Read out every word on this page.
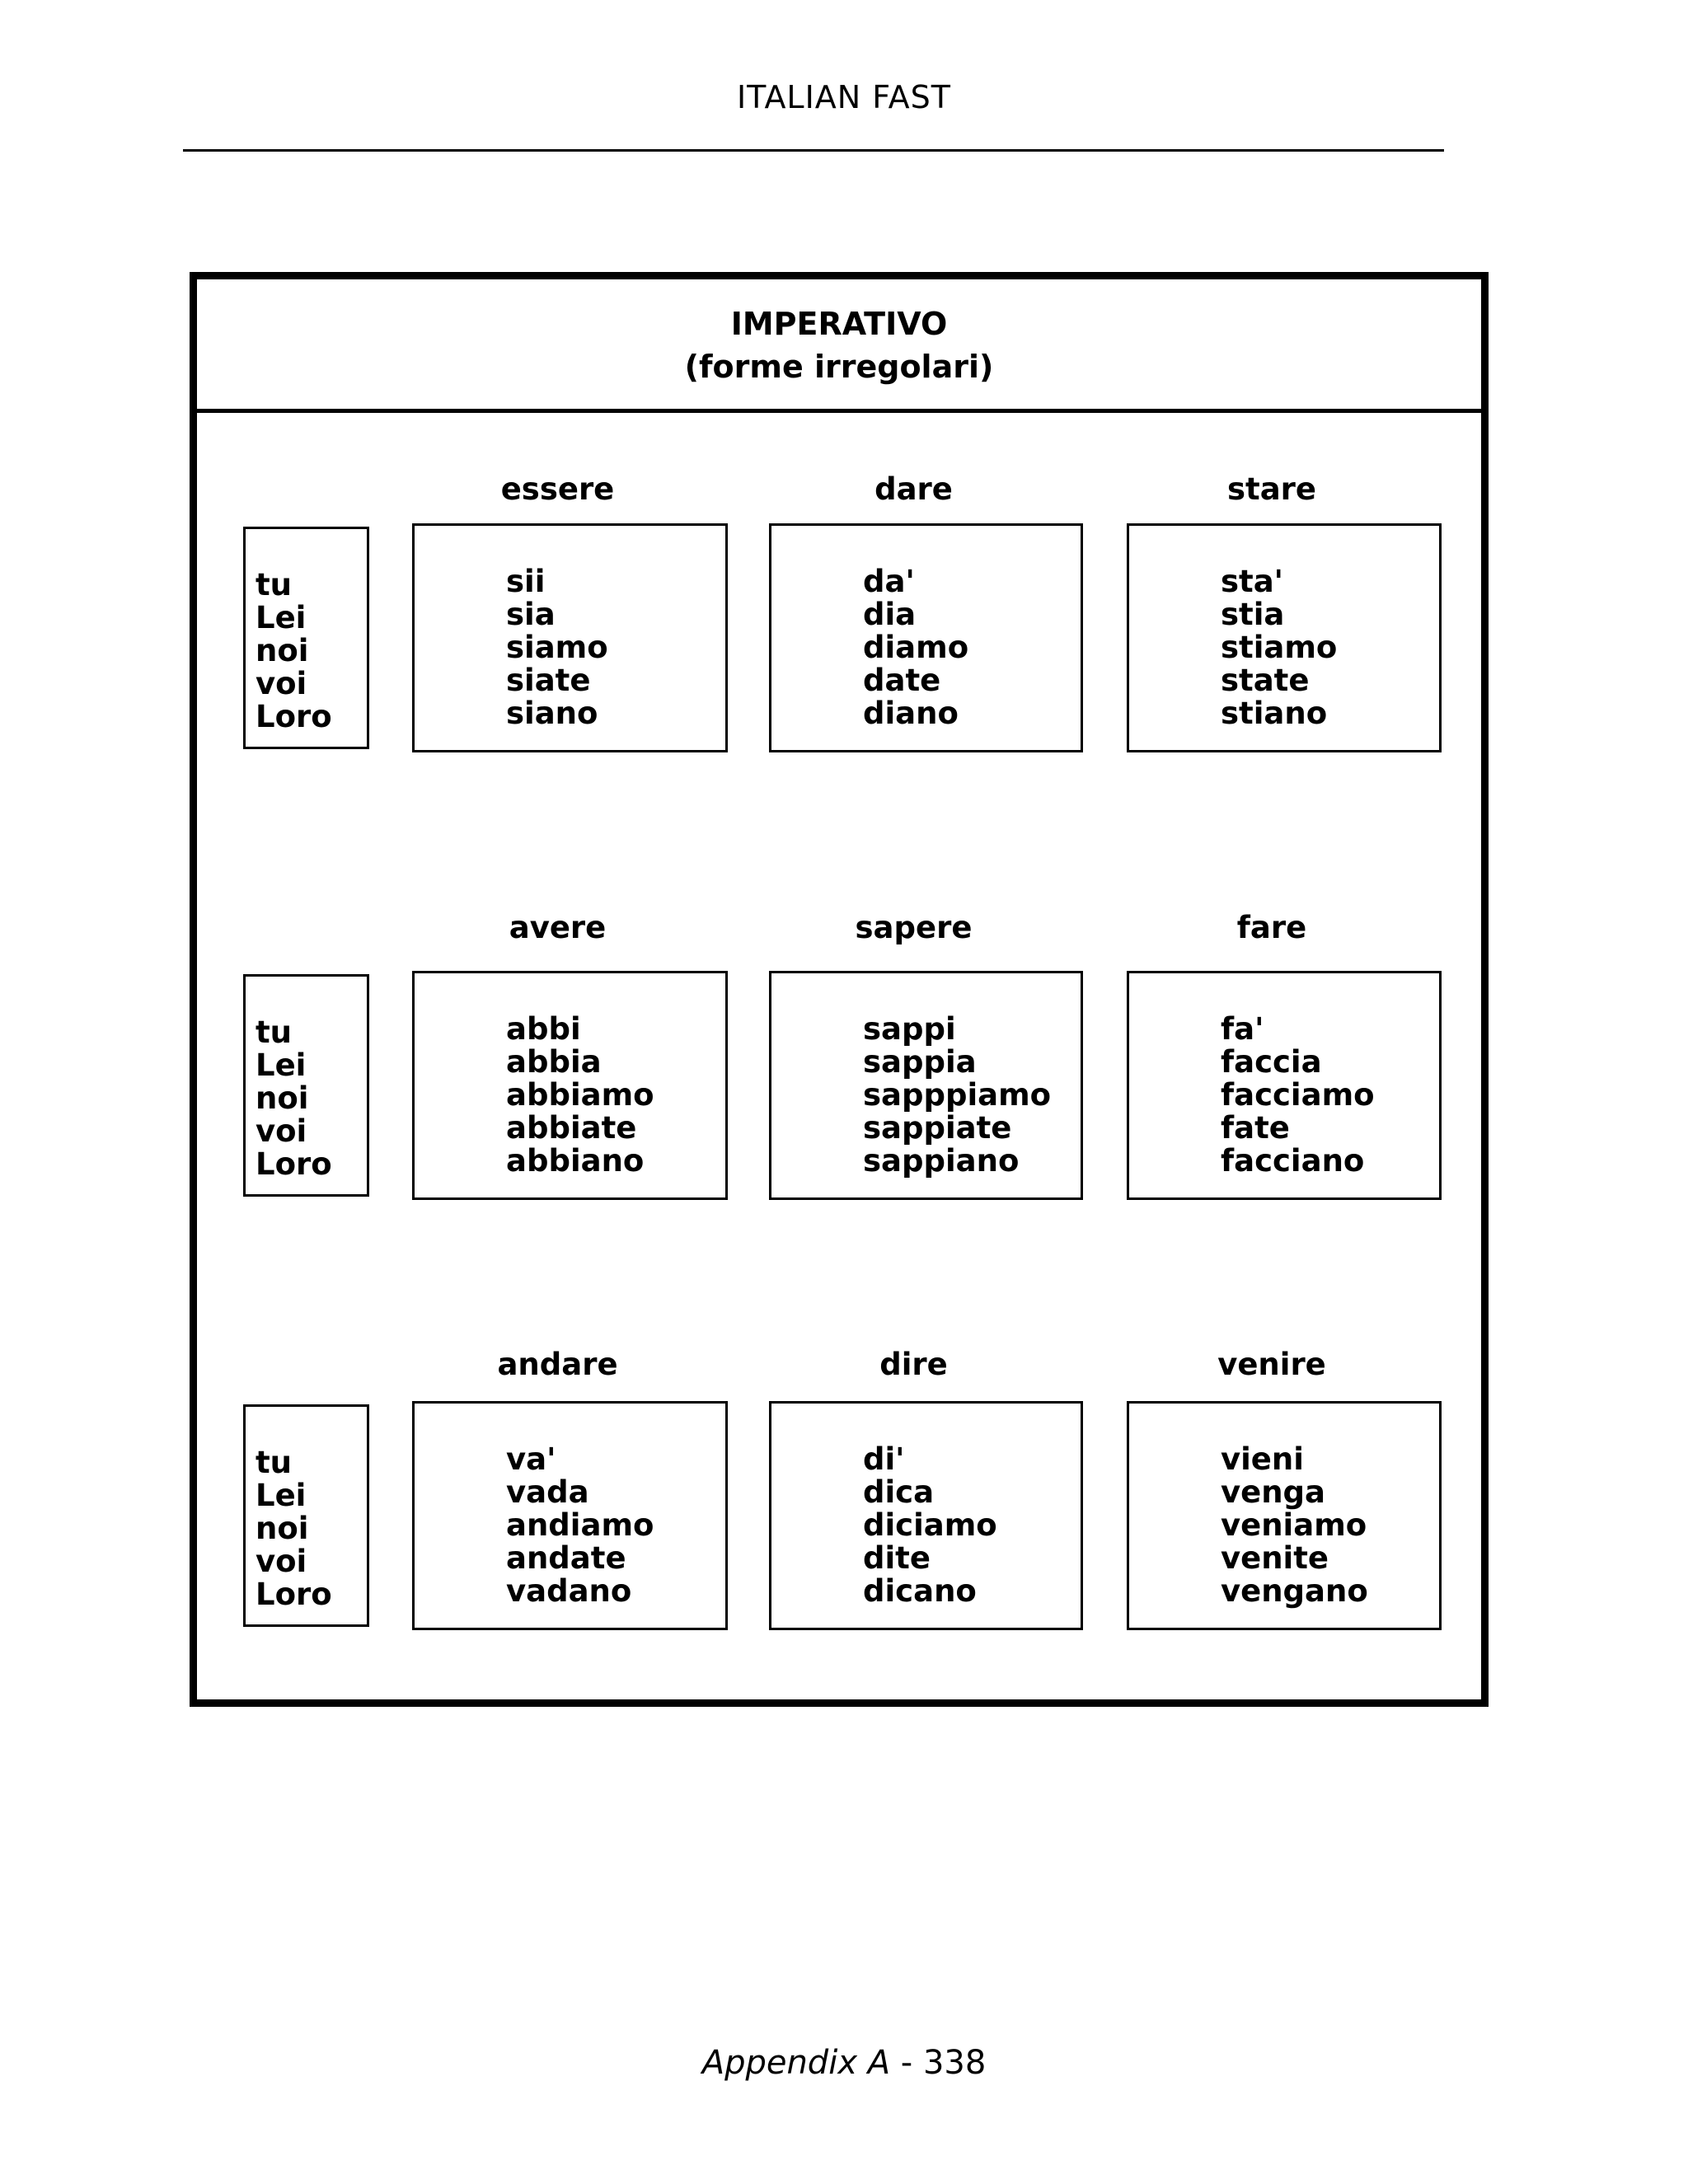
ITALIAN FAST
IMPERATIVO
(forme irregolari)
tu
Lei
noi
voi
Loro
essere
sii
sia
siamo
siate
siano
dare
da'
dia
diamo
date
diano
stare
sta'
stia
stiamo
state
stiano
tu
Lei
noi
voi
Loro
avere
abbi
abbia
abbiamo
abbiate
abbiano
sapere
sappi
sappia
sapppiamo
sappiate
sappiano
fare
fa'
faccia
facciamo
fate
facciano
tu
Lei
noi
voi
Loro
andare
va'
vada
andiamo
andate
vadano
dire
di'
dica
diciamo
dite
dicano
venire
vieni
venga
veniamo
venite
vengano
Appendix A - 338
